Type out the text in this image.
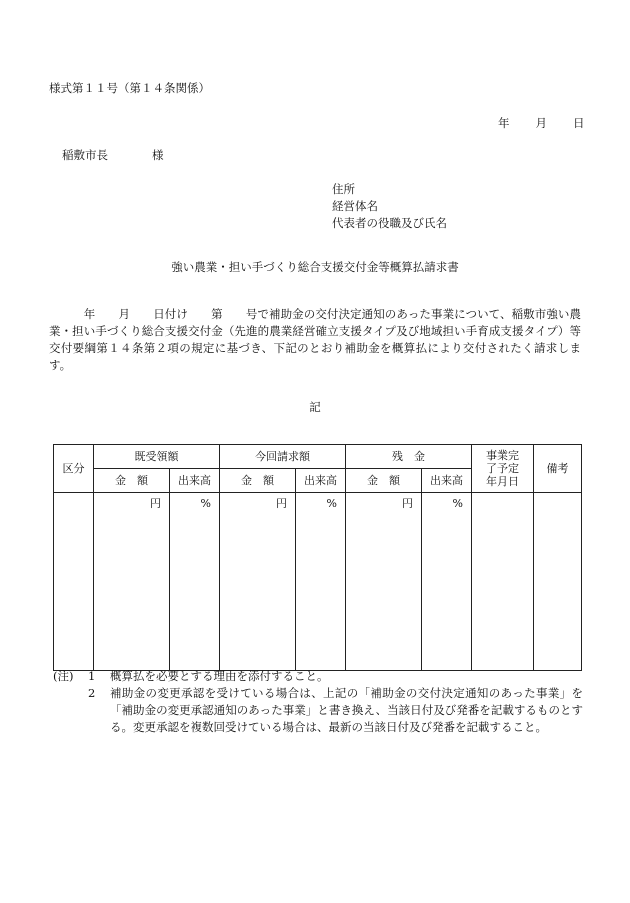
様式第１１号（第１４条関係）
年 月 日
稲敷市長	様
住所
経営体名
代表者の役職及び氏名
強い農業・担い手づくり総合支援交付金等概算払請求書
　　　年　　月　　日付け　　第　　号で補助金の交付決定通知のあった事業について、稲敷市強い農業・担い手づくり総合支援交付金（先進的農業経営確立支援タイプ及び地域担い手育成支援タイプ）等交付要綱第１４条第２項の規定に基づき、下記のとおり補助金を概算払により交付されたく請求します。
記
区分	既受領額		今回請求額		残　金		事業完了予定年月日	備考
	金　額	出来高	金　額	出来高	金　額	出来高		
	円	%	円	%	円	%		
(注)	1	概算払を必要とする理由を添付すること。
2	補助金の変更承認を受けている場合は、上記の「補助金の交付決定通知のあった事業」を「補助金の変更承認通知のあった事業」と書き換え、当該日付及び発番を記載するものとする。変更承認を複数回受けている場合は、最新の当該日付及び発番を記載すること。
